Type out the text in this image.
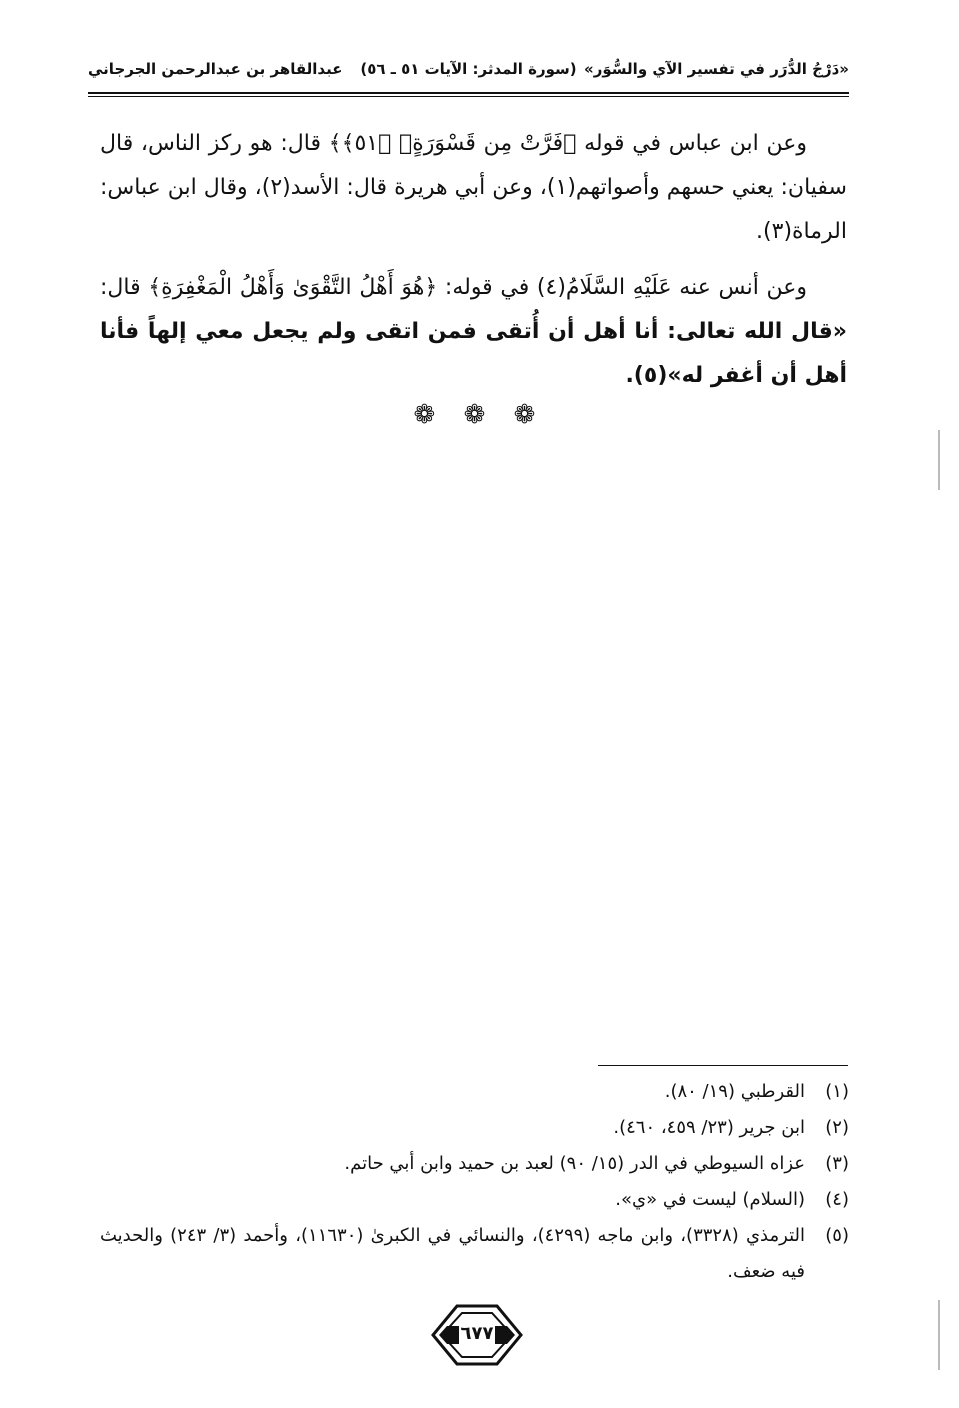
«دَرْجُ الدُّرَر في تفسير الآي والسُّوَر»
(سورة المدثر: الآيات ٥١ ـ ٥٦)
عبدالقاهر بن عبدالرحمن الجرجاني

وعن ابن عباس في قوله ﴿فَرَّتْ مِن قَسْوَرَةٍۭ ﴿٥١﴾﴾ قال: هو ركز الناس، قال سفيان: يعني حسهم وأصواتهم(١)، وعن أبي هريرة قال: الأسد(٢)، وقال ابن عباس: الرماة(٣).

وعن أنس عنه عَلَيْهِ السَّلَامُ(٤) في قوله: ﴿هُوَ أَهْلُ التَّقْوَىٰ وَأَهْلُ الْمَغْفِرَةِ﴾ قال: «قال الله تعالى: أنا أهل أن أُتقى فمن اتقى ولم يجعل معي إلهاً فأنا أهل أن أغفر له»(٥).

❁ ❁ ❁
(١)
القرطبي (١٩/ ٨٠).
(٢)
ابن جرير (٢٣/ ٤٥٩، ٤٦٠).
(٣)
عزاه السيوطي في الدر (١٥/ ٩٠) لعبد بن حميد وابن أبي حاتم.
(٤)
(السلام) ليست في «ي».
(٥)
الترمذي (٣٣٢٨)، وابن ماجه (٤٢٩٩)، والنسائي في الكبرىٰ (١١٦٣٠)، وأحمد (٣/ ٢٤٣) والحديث فيه ضعف.
٦٧٧
